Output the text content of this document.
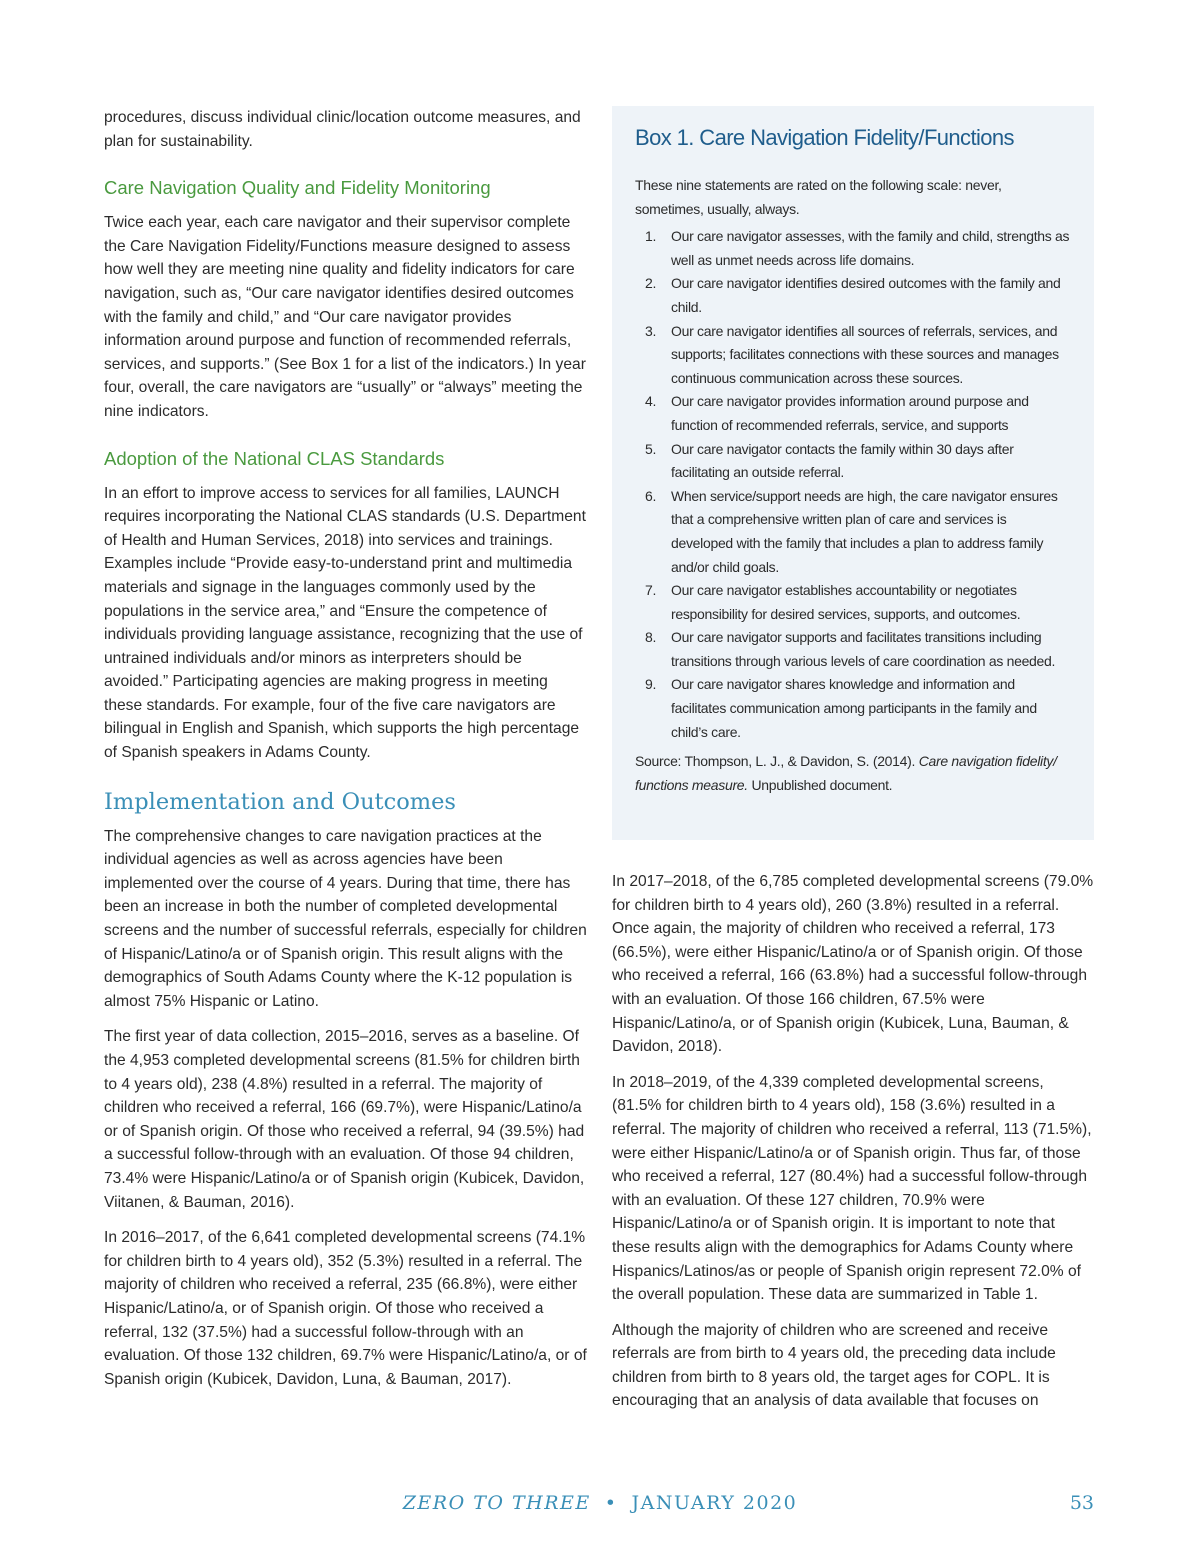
procedures, discuss individual clinic/location outcome measures, and plan for sustainability.

Care Navigation Quality and Fidelity Monitoring

Twice each year, each care navigator and their supervisor complete the Care Navigation Fidelity/Functions measure designed to assess how well they are meeting nine quality and fidelity indicators for care navigation, such as, “Our care navigator identifies desired outcomes with the family and child,” and “Our care navigator provides information around purpose and function of recommended referrals, services, and supports.” (See Box 1 for a list of the indicators.) In year four, overall, the care navigators are “usually” or “always” meeting the nine indicators.

Adoption of the National CLAS Standards

In an effort to improve access to services for all families, LAUNCH requires incorporating the National CLAS standards (U.S. Department of Health and Human Services, 2018) into services and trainings. Examples include “Provide easy-to-understand print and multimedia materials and signage in the languages commonly used by the populations in the service area,” and “Ensure the competence of individuals providing language assistance, recognizing that the use of untrained individuals and/or minors as interpreters should be avoided.” Participating agencies are making progress in meeting these standards. For example, four of the five care navigators are bilingual in English and Spanish, which supports the high percentage of Spanish speakers in Adams County.

Implementation and Outcomes

The comprehensive changes to care navigation practices at the individual agencies as well as across agencies have been implemented over the course of 4 years. During that time, there has been an increase in both the number of completed developmental screens and the number of successful referrals, especially for children of Hispanic/Latino/a or of Spanish origin. This result aligns with the demographics of South Adams County where the K-12 population is almost 75% Hispanic or Latino.

The first year of data collection, 2015–2016, serves as a baseline. Of the 4,953 completed developmental screens (81.5% for children birth to 4 years old), 238 (4.8%) resulted in a referral. The majority of children who received a referral, 166 (69.7%), were Hispanic/Latino/a or of Spanish origin. Of those who received a referral, 94 (39.5%) had a successful follow-through with an evaluation. Of those 94 children, 73.4% were Hispanic/Latino/a or of Spanish origin (Kubicek, Davidon, Viitanen, & Bauman, 2016).

In 2016–2017, of the 6,641 completed developmental screens (74.1% for children birth to 4 years old), 352 (5.3%) resulted in a referral. The majority of children who received a referral, 235 (66.8%), were either Hispanic/Latino/a, or of Spanish origin. Of those who received a referral, 132 (37.5%) had a successful follow-through with an evaluation. Of those 132 children, 69.7% were Hispanic/Latino/a, or of Spanish origin (Kubicek, Davidon, Luna, & Bauman, 2017).

Box 1. Care Navigation Fidelity/Functions

These nine statements are rated on the following scale: never, sometimes, usually, always.

1. Our care navigator assesses, with the family and child, strengths as well as unmet needs across life domains.
2. Our care navigator identifies desired outcomes with the family and child.
3. Our care navigator identifies all sources of referrals, services, and supports; facilitates connections with these sources and manages continuous communication across these sources.
4. Our care navigator provides information around purpose and function of recommended referrals, service, and supports
5. Our care navigator contacts the family within 30 days after facilitating an outside referral.
6. When service/support needs are high, the care navigator ensures that a comprehensive written plan of care and services is developed with the family that includes a plan to address family and/or child goals.
7. Our care navigator establishes accountability or negotiates responsibility for desired services, supports, and outcomes.
8. Our care navigator supports and facilitates transitions including transitions through various levels of care coordination as needed.
9. Our care navigator shares knowledge and information and facilitates communication among participants in the family and child’s care.

Source: Thompson, L. J., & Davidon, S. (2014). Care navigation fidelity/ functions measure. Unpublished document.

In 2017–2018, of the 6,785 completed developmental screens (79.0% for children birth to 4 years old), 260 (3.8%) resulted in a referral. Once again, the majority of children who received a referral, 173 (66.5%), were either Hispanic/Latino/a or of Spanish origin. Of those who received a referral, 166 (63.8%) had a successful follow-through with an evaluation. Of those 166 children, 67.5% were Hispanic/Latino/a, or of Spanish origin (Kubicek, Luna, Bauman, & Davidon, 2018).

In 2018–2019, of the 4,339 completed developmental screens, (81.5% for children birth to 4 years old), 158 (3.6%) resulted in a referral. The majority of children who received a referral, 113 (71.5%), were either Hispanic/Latino/a or of Spanish origin. Thus far, of those who received a referral, 127 (80.4%) had a successful follow-through with an evaluation. Of these 127 children, 70.9% were Hispanic/Latino/a or of Spanish origin. It is important to note that these results align with the demographics for Adams County where Hispanics/Latinos/as or people of Spanish origin represent 72.0% of the overall population. These data are summarized in Table 1.

Although the majority of children who are screened and receive referrals are from birth to 4 years old, the preceding data include children from birth to 8 years old, the target ages for COPL. It is encouraging that an analysis of data available that focuses on

ZERO TO THREE • JANUARY 2020	53
